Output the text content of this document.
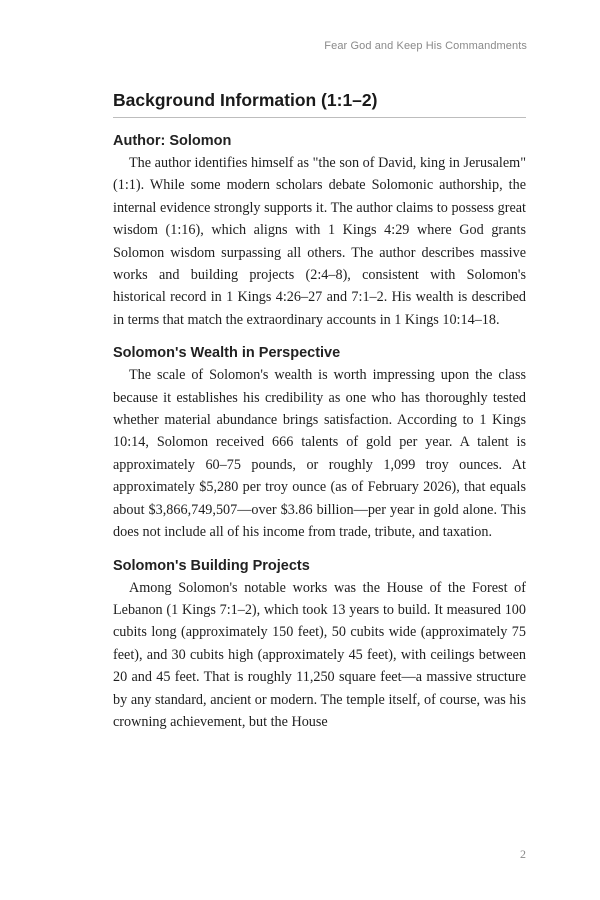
Fear God and Keep His Commandments
Background Information (1:1–2)
Author: Solomon

The author identifies himself as "the son of David, king in Jerusalem" (1:1). While some modern scholars debate Solomonic authorship, the internal evidence strongly supports it. The author claims to possess great wisdom (1:16), which aligns with 1 Kings 4:29 where God grants Solomon wisdom surpassing all others. The author describes massive works and building projects (2:4–8), consistent with Solomon's historical record in 1 Kings 4:26–27 and 7:1–2. His wealth is described in terms that match the extraordinary accounts in 1 Kings 10:14–18.

Solomon's Wealth in Perspective

The scale of Solomon's wealth is worth impressing upon the class because it establishes his credibility as one who has thoroughly tested whether material abundance brings satisfaction. According to 1 Kings 10:14, Solomon received 666 talents of gold per year. A talent is approximately 60–75 pounds, or roughly 1,099 troy ounces. At approximately $5,280 per troy ounce (as of February 2026), that equals about $3,866,749,507—over $3.86 billion—per year in gold alone. This does not include all of his income from trade, tribute, and taxation.

Solomon's Building Projects

Among Solomon's notable works was the House of the Forest of Lebanon (1 Kings 7:1–2), which took 13 years to build. It measured 100 cubits long (approximately 150 feet), 50 cubits wide (approximately 75 feet), and 30 cubits high (approximately 45 feet), with ceilings between 20 and 45 feet. That is roughly 11,250 square feet—a massive structure by any standard, ancient or modern. The temple itself, of course, was his crowning achievement, but the House

2
